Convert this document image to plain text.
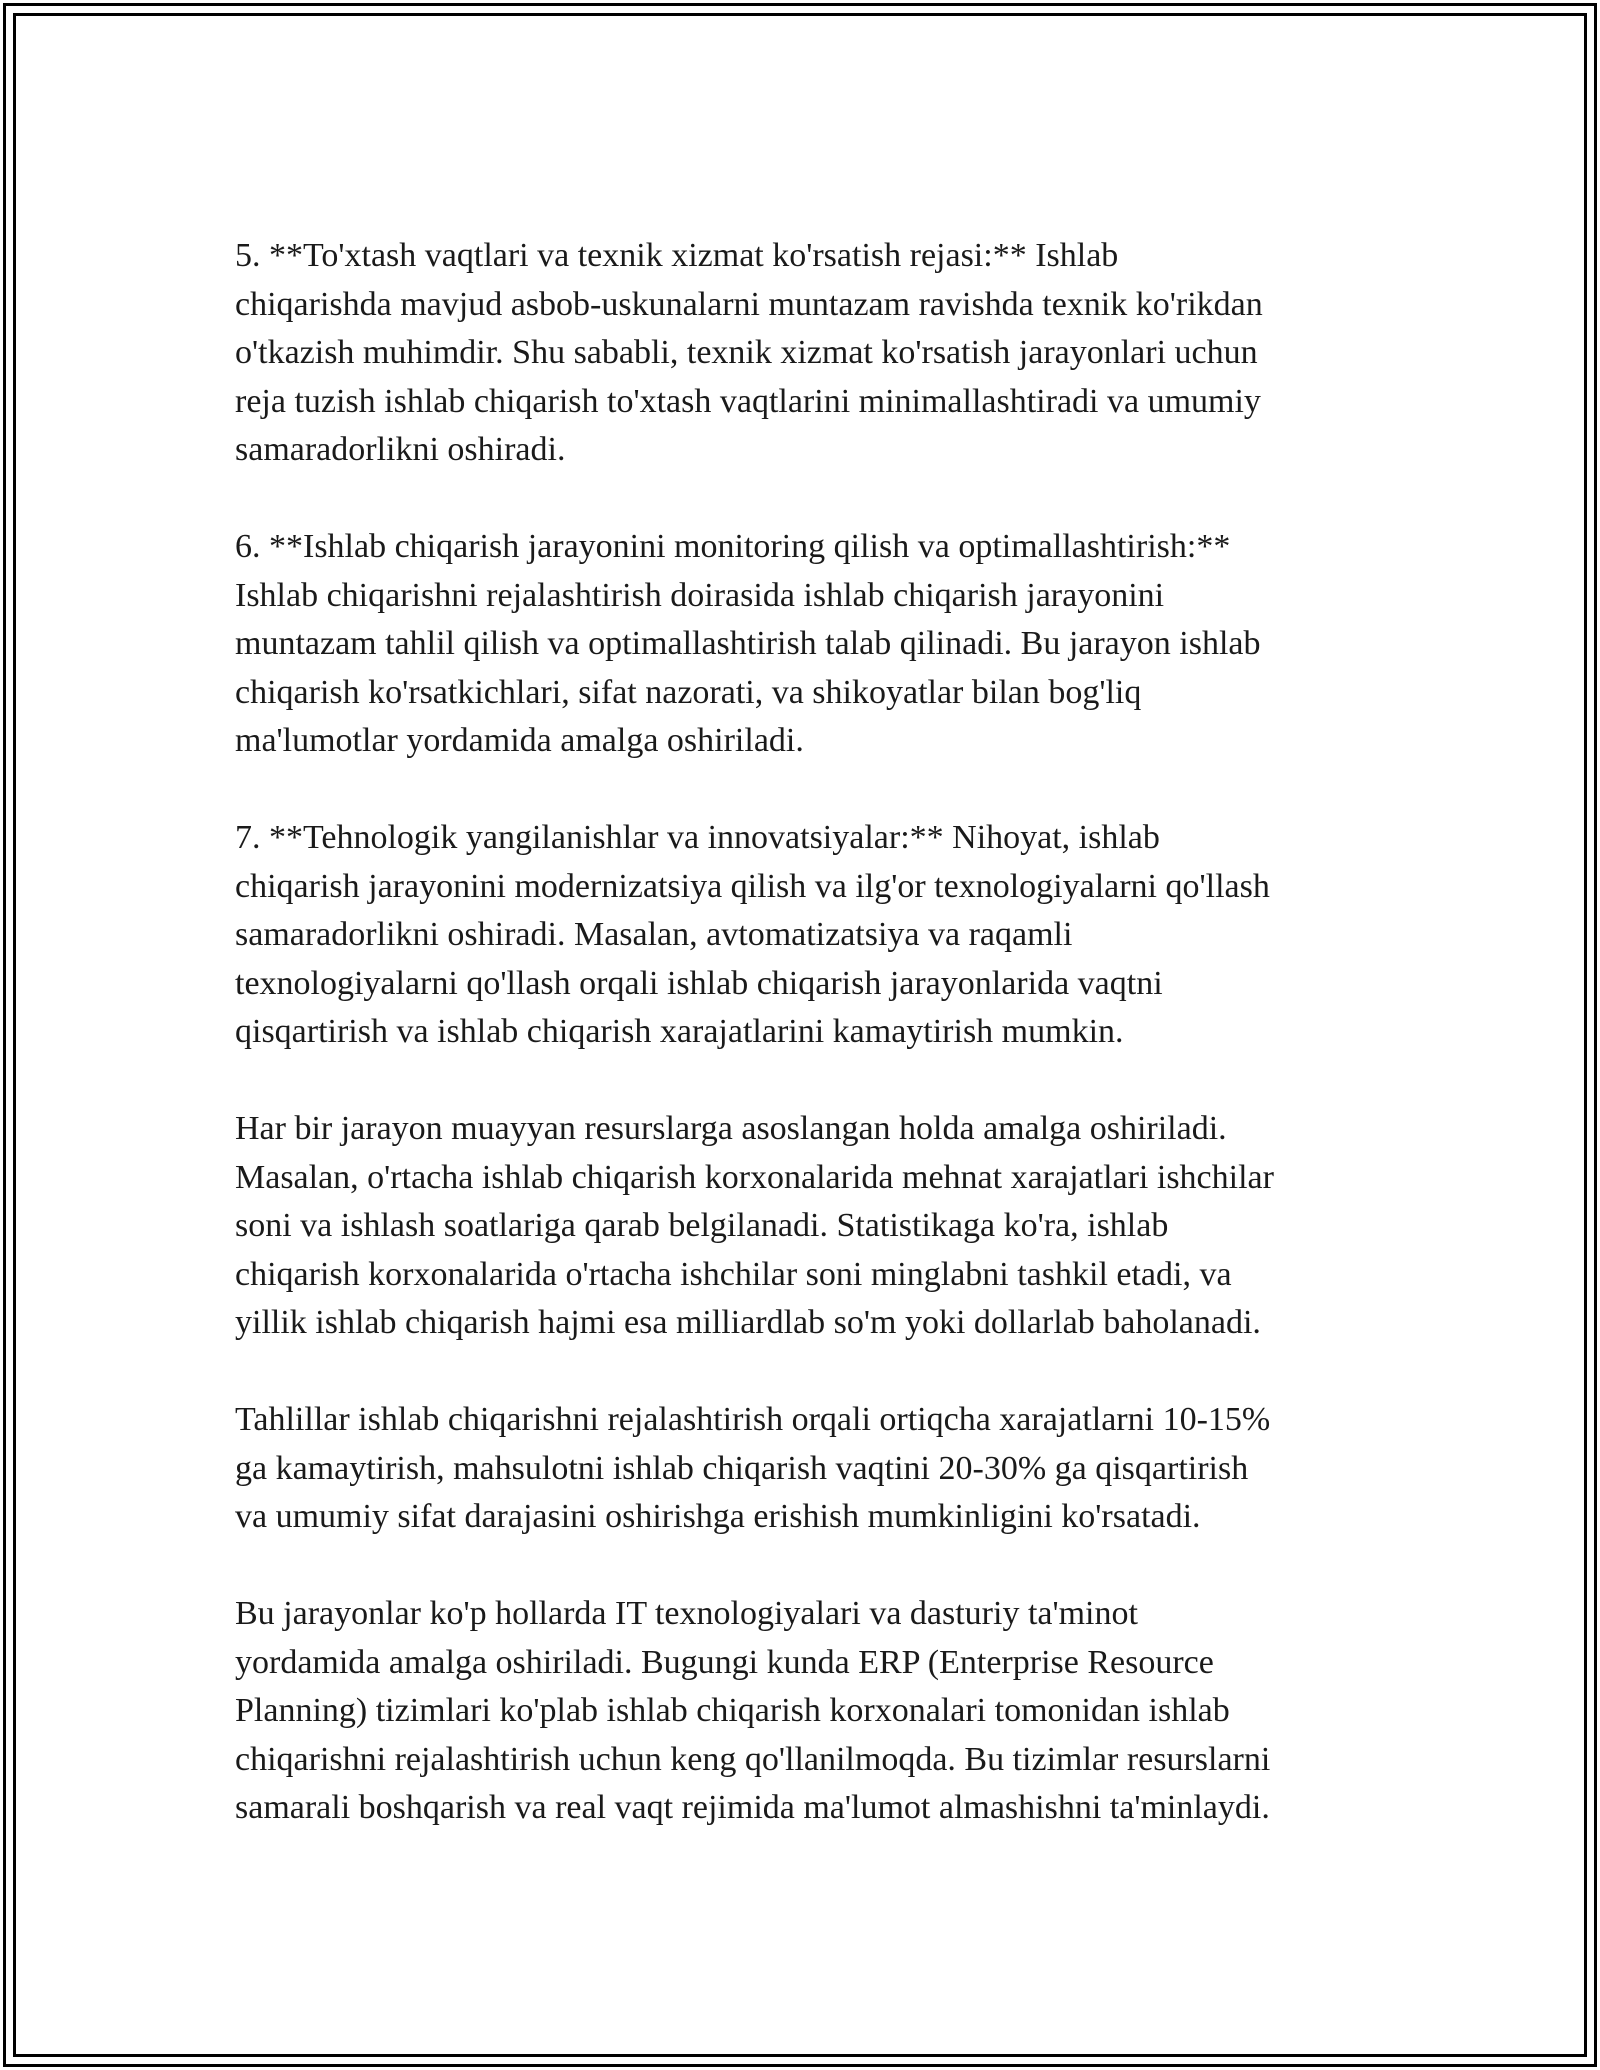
5. **To'xtash vaqtlari va texnik xizmat ko'rsatish rejasi:** Ishlab
chiqarishda mavjud asbob-uskunalarni muntazam ravishda texnik ko'rikdan
o'tkazish muhimdir. Shu sababli, texnik xizmat ko'rsatish jarayonlari uchun
reja tuzish ishlab chiqarish to'xtash vaqtlarini minimallashtiradi va umumiy
samaradorlikni oshiradi.

6. **Ishlab chiqarish jarayonini monitoring qilish va optimallashtirish:**
Ishlab chiqarishni rejalashtirish doirasida ishlab chiqarish jarayonini
muntazam tahlil qilish va optimallashtirish talab qilinadi. Bu jarayon ishlab
chiqarish ko'rsatkichlari, sifat nazorati, va shikoyatlar bilan bog'liq
ma'lumotlar yordamida amalga oshiriladi.

7. **Tehnologik yangilanishlar va innovatsiyalar:** Nihoyat, ishlab
chiqarish jarayonini modernizatsiya qilish va ilg'or texnologiyalarni qo'llash
samaradorlikni oshiradi. Masalan, avtomatizatsiya va raqamli
texnologiyalarni qo'llash orqali ishlab chiqarish jarayonlarida vaqtni
qisqartirish va ishlab chiqarish xarajatlarini kamaytirish mumkin.

Har bir jarayon muayyan resurslarga asoslangan holda amalga oshiriladi.
Masalan, o'rtacha ishlab chiqarish korxonalarida mehnat xarajatlari ishchilar
soni va ishlash soatlariga qarab belgilanadi. Statistikaga ko'ra, ishlab
chiqarish korxonalarida o'rtacha ishchilar soni minglabni tashkil etadi, va
yillik ishlab chiqarish hajmi esa milliardlab so'm yoki dollarlab baholanadi.

Tahlillar ishlab chiqarishni rejalashtirish orqali ortiqcha xarajatlarni 10-15%
ga kamaytirish, mahsulotni ishlab chiqarish vaqtini 20-30% ga qisqartirish
va umumiy sifat darajasini oshirishga erishish mumkinligini ko'rsatadi.

Bu jarayonlar ko'p hollarda IT texnologiyalari va dasturiy ta'minot
yordamida amalga oshiriladi. Bugungi kunda ERP (Enterprise Resource
Planning) tizimlari ko'plab ishlab chiqarish korxonalari tomonidan ishlab
chiqarishni rejalashtirish uchun keng qo'llanilmoqda. Bu tizimlar resurslarni
samarali boshqarish va real vaqt rejimida ma'lumot almashishni ta'minlaydi.
